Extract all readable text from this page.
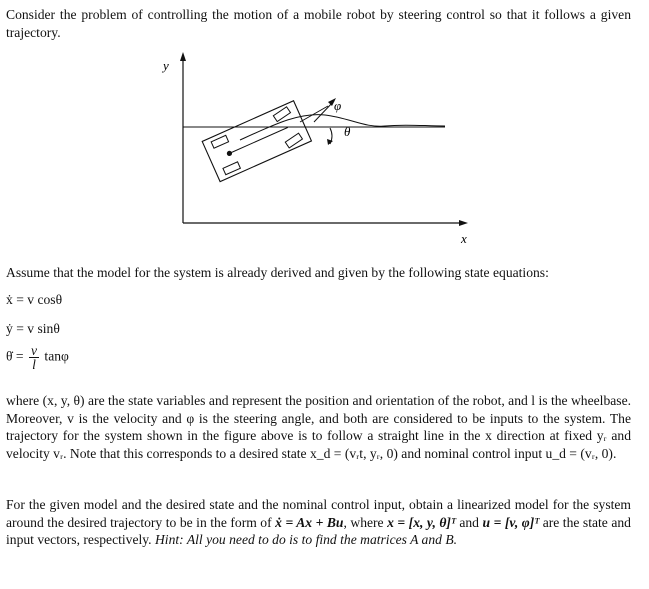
Consider the problem of controlling the motion of a mobile robot by steering control so that it follows a given trajectory.

y
x
φ
θ

Assume that the model for the system is already derived and given by the following state equations:

ẋ = v cosθ

ẏ = v sinθ

θ̇ = $\frac{v}{l}$ tanφ

where (x, y, θ) are the state variables and represent the position and orientation of the robot, and l is the wheelbase. Moreover, v is the velocity and φ is the steering angle, and both are considered to be inputs to the system. The trajectory for the system shown in the figure above is to follow a straight line in the x direction at fixed yᵣ and velocity vᵣ. Note that this corresponds to a desired state x_d = (vᵣt, yᵣ, 0) and nominal control input u_d = (vᵣ, 0).

For the given model and the desired state and the nominal control input, obtain a linearized model for the system around the desired trajectory to be in the form of ẋ = Ax + Bu, where x = [x, y, θ]ᵀ and u = [v, φ]ᵀ are the state and input vectors, respectively. Hint: All you need to do is to find the matrices A and B.
